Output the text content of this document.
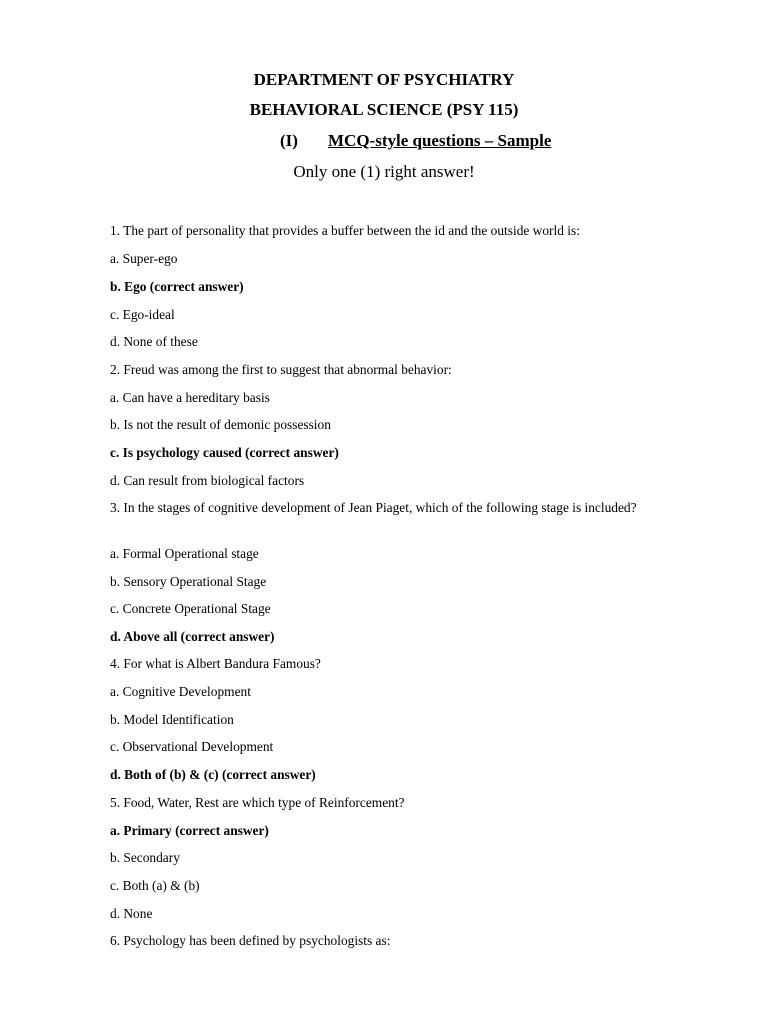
DEPARTMENT OF PSYCHIATRY
BEHAVIORAL SCIENCE (PSY 115)
(I) MCQ-style questions – Sample
Only one (1) right answer!
1. The part of personality that provides a buffer between the id and the outside world is:
a. Super-ego
b. Ego (correct answer)
c. Ego-ideal
d. None of these
2. Freud was among the first to suggest that abnormal behavior:
a. Can have a hereditary basis
b. Is not the result of demonic possession
c. Is psychology caused (correct answer)
d. Can result from biological factors
3. In the stages of cognitive development of Jean Piaget, which of the following stage is included?
a. Formal Operational stage
b. Sensory Operational Stage
c. Concrete Operational Stage
d. Above all (correct answer)
4. For what is Albert Bandura Famous?
a. Cognitive Development
b. Model Identification
c. Observational Development
d. Both of (b) & (c) (correct answer)
5. Food, Water, Rest are which type of Reinforcement?
a. Primary (correct answer)
b. Secondary
c. Both (a) & (b)
d. None
6. Psychology has been defined by psychologists as:
